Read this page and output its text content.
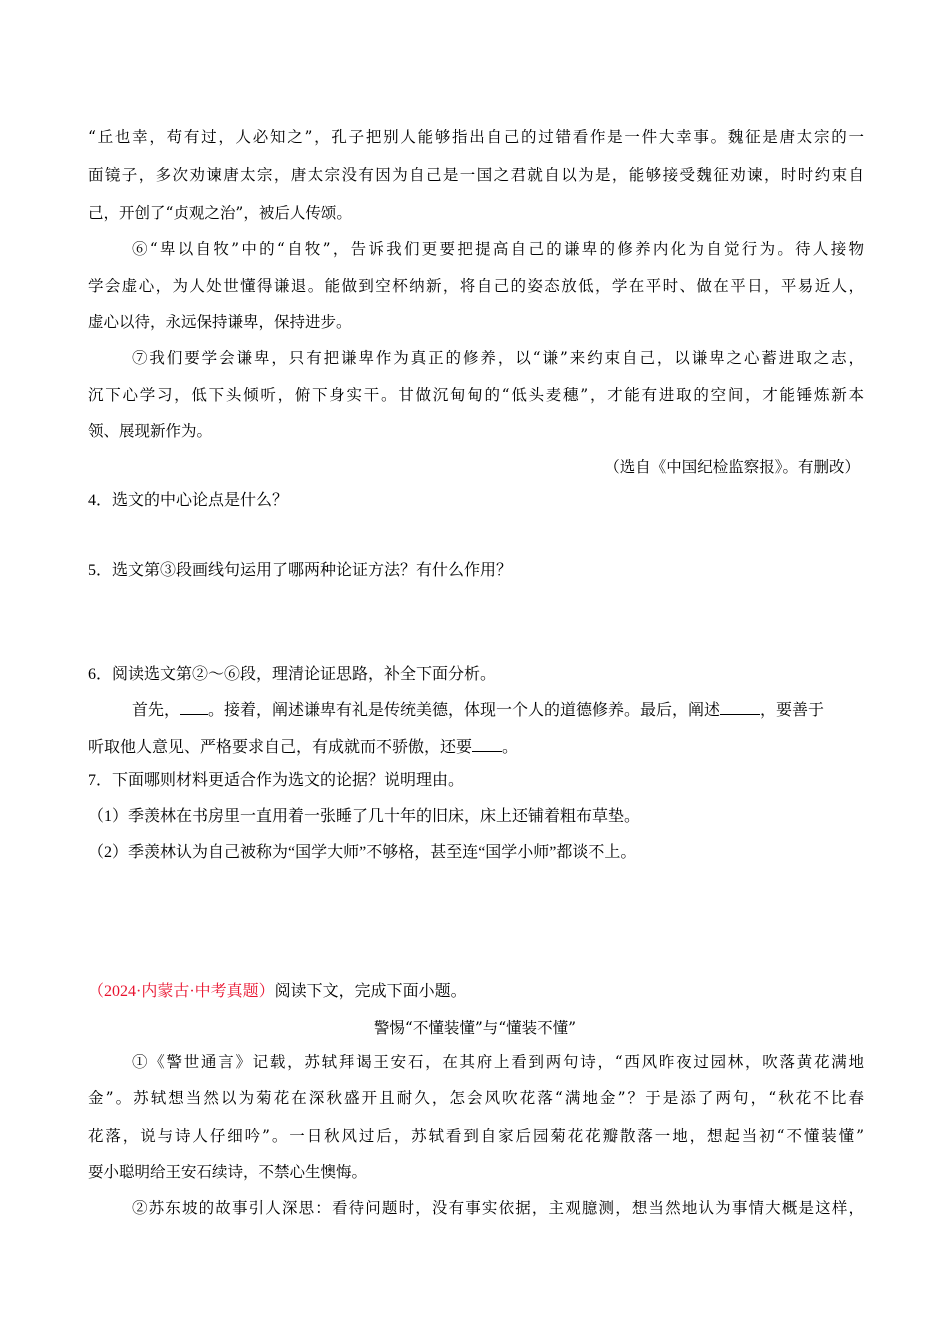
“丘也幸，苟有过，人必知之”，孔子把别人能够指出自己的过错看作是一件大幸事。魏征是唐太宗的一
面镜子，多次劝谏唐太宗，唐太宗没有因为自己是一国之君就自以为是，能够接受魏征劝谏，时时约束自
己，开创了“贞观之治”，被后人传颂。
⑥“卑以自牧”中的“自牧”，告诉我们更要把提高自己的谦卑的修养内化为自觉行为。待人接物
学会虚心，为人处世懂得谦退。能做到空杯纳新，将自己的姿态放低，学在平时、做在平日，平易近人，
虚心以待，永远保持谦卑，保持进步。
⑦我们要学会谦卑，只有把谦卑作为真正的修养，以“谦”来约束自己，以谦卑之心蓄进取之志，
沉下心学习，低下头倾听，俯下身实干。甘做沉甸甸的“低头麦穗”，才能有进取的空间，才能锤炼新本
领、展现新作为。
（选自《中国纪检监察报》。有删改）
4．选文的中心论点是什么？
5．选文第③段画线句运用了哪两种论证方法？有什么作用？
6．阅读选文第②～⑥段，理清论证思路，补全下面分析。
首先， 。接着，阐述谦卑有礼是传统美德，体现一个人的道德修养。最后，阐述	，要善于
听取他人意见、严格要求自己，有成就而不骄傲，还要 。
7．下面哪则材料更适合作为选文的论据？说明理由。
（1）季羡林在书房里一直用着一张睡了几十年的旧床，床上还铺着粗布草垫。
（2）季羡林认为自己被称为“国学大师”不够格，甚至连“国学小师”都谈不上。
（2024·内蒙古·中考真题）阅读下文，完成下面小题。
警惕“不懂装懂”与“懂装不懂”
①《警世通言》记载，苏轼拜谒王安石，在其府上看到两句诗，“西风昨夜过园林，吹落黄花满地
金”。苏轼想当然以为菊花在深秋盛开且耐久，怎会风吹花落“满地金”？于是添了两句，“秋花不比春
花落，说与诗人仔细吟”。一日秋风过后，苏轼看到自家后园菊花花瓣散落一地，想起当初“不懂装懂”
耍小聪明给王安石续诗，不禁心生懊悔。
②苏东坡的故事引人深思：看待问题时，没有事实依据，主观臆测，想当然地认为事情大概是这样，
